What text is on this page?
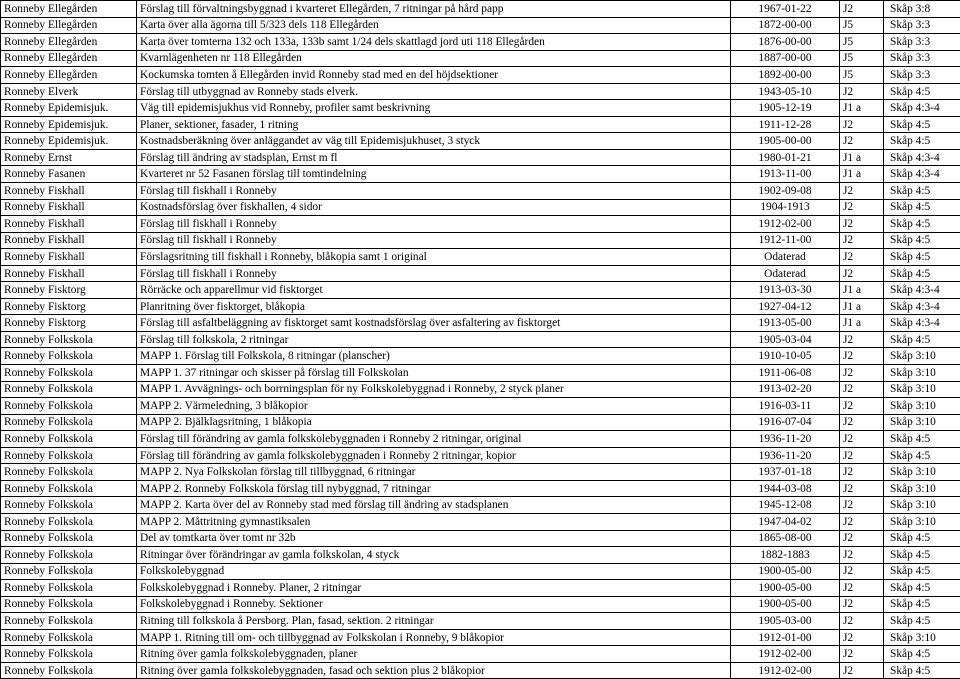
Ronneby Ellegården	Förslag till förvaltningsbyggnad i kvarteret Ellegården, 7 ritningar på hård papp	1967-01-22	J2	Skåp 3:8
Ronneby Ellegården	Karta över alla ägorna till 5/323 dels 118 Ellegården	1872-00-00	J5	Skåp 3:3
Ronneby Ellegården	Karta över tomterna 132 och 133a, 133b samt 1/24 dels skattlagd jord uti 118 Ellegården	1876-00-00	J5	Skåp 3:3
Ronneby Ellegården	Kvarnlägenheten nr 118 Ellegården	1887-00-00	J5	Skåp 3:3
Ronneby Ellegården	Kockumska tomten å Ellegården invid Ronneby stad med en del höjdsektioner	1892-00-00	J5	Skåp 3:3
Ronneby Elverk	Förslag till utbyggnad av Ronneby stads elverk.	1943-05-10	J2	Skåp 4:5
Ronneby Epidemisjuk.	Väg till epidemisjukhus vid Ronneby, profiler samt beskrivning	1905-12-19	J1 a	Skåp 4:3-4
Ronneby Epidemisjuk.	Planer, sektioner, fasader, 1 ritning	1911-12-28	J2	Skåp 4:5
Ronneby Epidemisjuk.	Kostnadsberäkning över anläggandet av väg till Epidemisjukhuset, 3 styck	1905-00-00	J2	Skåp 4:5
Ronneby Ernst	Förslag till ändring av stadsplan, Ernst m fl	1980-01-21	J1 a	Skåp 4:3-4
Ronneby Fasanen	Kvarteret nr 52 Fasanen förslag till tomtindelning	1913-11-00	J1 a	Skåp 4:3-4
Ronneby Fiskhall	Förslag till fiskhall i Ronneby	1902-09-08	J2	Skåp 4:5
Ronneby Fiskhall	Kostnadsförslag över fiskhallen, 4 sidor	1904-1913	J2	Skåp 4:5
Ronneby Fiskhall	Förslag till fiskhall i Ronneby	1912-02-00	J2	Skåp 4:5
Ronneby Fiskhall	Förslag till fiskhall i Ronneby	1912-11-00	J2	Skåp 4:5
Ronneby Fiskhall	Förslagsritning till fiskhall i Ronneby, blåkopia samt 1 original	Odaterad	J2	Skåp 4:5
Ronneby Fiskhall	Förslag till fiskhall i Ronneby	Odaterad	J2	Skåp 4:5
Ronneby Fisktorg	Rörräcke och apparellmur vid fisktorget	1913-03-30	J1 a	Skåp 4:3-4
Ronneby Fisktorg	Planritning över fisktorget, blåkopia	1927-04-12	J1 a	Skåp 4:3-4
Ronneby Fisktorg	Förslag till asfaltbeläggning av fisktorget samt kostnadsförslag över asfaltering av fisktorget	1913-05-00	J1 a	Skåp 4:3-4
Ronneby Folkskola	Förslag till folkskola, 2 ritningar	1905-03-04	J2	Skåp 4:5
Ronneby Folkskola	MAPP 1. Förslag till Folkskola, 8 ritningar (planscher)	1910-10-05	J2	Skåp 3:10
Ronneby Folkskola	MAPP 1. 37 ritningar och skisser på förslag till Folkskolan	1911-06-08	J2	Skåp 3:10
Ronneby Folkskola	MAPP 1. Avvägnings- och borrningsplan för ny Folkskolebyggnad i Ronneby, 2 styck planer	1913-02-20	J2	Skåp 3:10
Ronneby Folkskola	MAPP 2. Värmeledning, 3 blåkopior	1916-03-11	J2	Skåp 3:10
Ronneby Folkskola	MAPP 2. Bjälklagsritning, 1 blåkopia	1916-07-04	J2	Skåp 3:10
Ronneby Folkskola	Förslag till förändring av gamla folkskolebyggnaden i Ronneby 2 ritningar, original	1936-11-20	J2	Skåp 4:5
Ronneby Folkskola	Förslag till förändring av gamla folkskolebyggnaden i Ronneby 2 ritningar, kopior	1936-11-20	J2	Skåp 4:5
Ronneby Folkskola	MAPP 2. Nya Folkskolan förslag till tillbyggnad, 6 ritningar	1937-01-18	J2	Skåp 3:10
Ronneby Folkskola	MAPP 2. Ronneby Folkskola förslag till nybyggnad, 7 ritningar	1944-03-08	J2	Skåp 3:10
Ronneby Folkskola	MAPP 2. Karta över del av Ronneby stad med förslag till ändring av stadsplanen	1945-12-08	J2	Skåp 3:10
Ronneby Folkskola	MAPP 2. Måttritning gymnastiksalen	1947-04-02	J2	Skåp 3:10
Ronneby Folkskola	Del av tomtkarta över tomt nr 32b	1865-08-00	J2	Skåp 4:5
Ronneby Folkskola	Ritningar över förändringar av gamla folkskolan, 4 styck	1882-1883	J2	Skåp 4:5
Ronneby Folkskola	Folkskolebyggnad	1900-05-00	J2	Skåp 4:5
Ronneby Folkskola	Folkskolebyggnad i Ronneby. Planer, 2 ritningar	1900-05-00	J2	Skåp 4:5
Ronneby Folkskola	Folkskolebyggnad i Ronneby. Sektioner	1900-05-00	J2	Skåp 4:5
Ronneby Folkskola	Ritning till folkskola å Persborg. Plan, fasad, sektion. 2 ritningar	1905-03-00	J2	Skåp 4:5
Ronneby Folkskola	MAPP 1. Ritning till om- och tillbyggnad av Folkskolan i Ronneby, 9 blåkopior	1912-01-00	J2	Skåp 3:10
Ronneby Folkskola	Ritning över gamla folkskolebyggnaden, planer	1912-02-00	J2	Skåp 4:5
Ronneby Folkskola	Ritning över gamla folkskolebyggnaden, fasad och sektion plus 2 blåkopior	1912-02-00	J2	Skåp 4:5
